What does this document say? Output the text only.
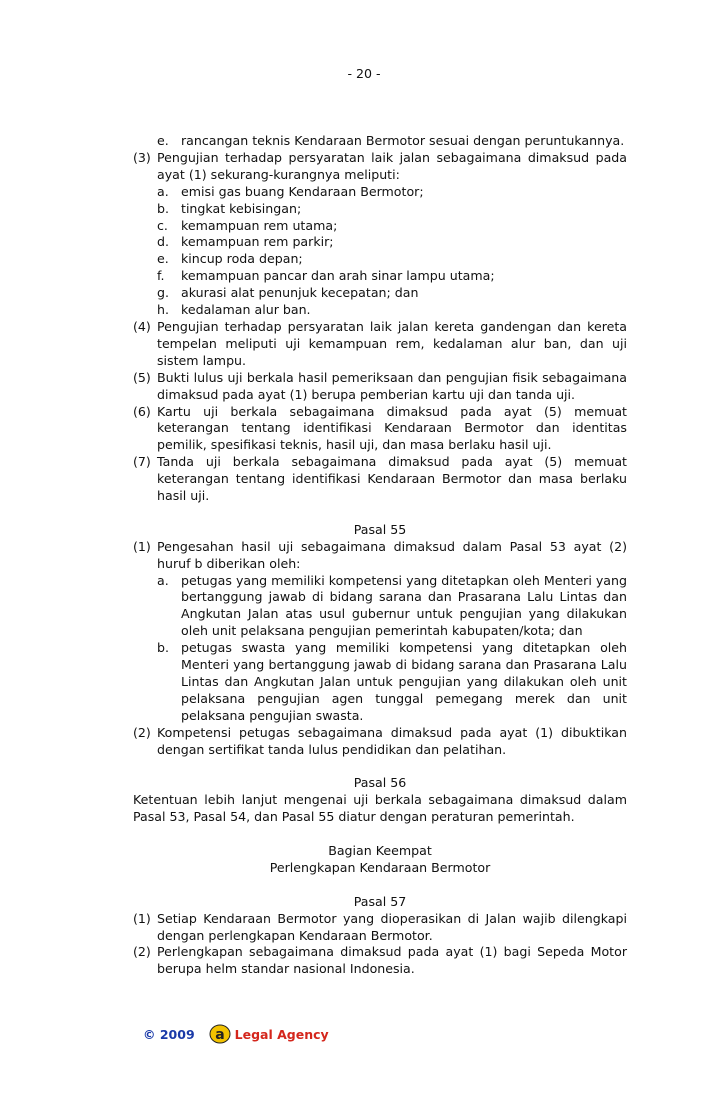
- 20 -
e. rancangan teknis Kendaraan Bermotor sesuai dengan peruntukannya.
(3) Pengujian terhadap persyaratan laik jalan sebagaimana dimaksud pada ayat (1) sekurang-kurangnya meliputi:
a. emisi gas buang Kendaraan Bermotor;
b. tingkat kebisingan;
c.	kemampuan rem utama;
d. kemampuan rem parkir;
e. kincup roda depan;
f.	kemampuan pancar dan arah sinar lampu utama;
g. akurasi alat penunjuk kecepatan; dan
h. kedalaman alur ban.
(4) Pengujian terhadap persyaratan laik jalan kereta gandengan dan kereta tempelan meliputi uji kemampuan rem, kedalaman alur ban, dan uji sistem lampu.
(5) Bukti lulus uji berkala hasil pemeriksaan dan pengujian fisik sebagaimana dimaksud pada ayat (1) berupa pemberian kartu uji dan tanda uji.
(6) Kartu uji berkala sebagaimana dimaksud pada ayat (5) memuat keterangan tentang identifikasi Kendaraan Bermotor dan identitas pemilik, spesifikasi teknis, hasil uji, dan masa berlaku hasil uji.
(7) Tanda uji berkala sebagaimana dimaksud pada ayat (5) memuat keterangan tentang identifikasi Kendaraan Bermotor dan masa berlaku hasil uji.
Pasal 55
(1) Pengesahan hasil uji sebagaimana dimaksud dalam Pasal 53 ayat (2) huruf b diberikan oleh:
a. petugas yang memiliki kompetensi yang ditetapkan oleh Menteri yang bertanggung jawab di bidang sarana dan Prasarana Lalu Lintas dan Angkutan Jalan atas usul gubernur untuk pengujian yang dilakukan oleh unit pelaksana pengujian pemerintah kabupaten/kota; dan
b. petugas swasta yang memiliki kompetensi yang ditetapkan oleh Menteri yang bertanggung jawab di bidang sarana dan Prasarana Lalu Lintas dan Angkutan Jalan untuk pengujian yang dilakukan oleh unit pelaksana pengujian agen tunggal pemegang merek dan unit pelaksana pengujian swasta.
(2) Kompetensi petugas sebagaimana dimaksud pada ayat (1) dibuktikan dengan sertifikat tanda lulus pendidikan dan pelatihan.
Pasal 56
Ketentuan lebih lanjut mengenai uji berkala sebagaimana dimaksud dalam Pasal 53, Pasal 54, dan Pasal 55 diatur dengan peraturan pemerintah.
Bagian Keempat
Perlengkapan Kendaraan Bermotor
Pasal 57
(1) Setiap Kendaraan Bermotor yang dioperasikan di Jalan wajib dilengkapi dengan perlengkapan Kendaraan Bermotor.
(2) Perlengkapan sebagaimana dimaksud pada ayat (1) bagi Sepeda Motor berupa helm standar nasional Indonesia.
© 2009 a Legal Agency
